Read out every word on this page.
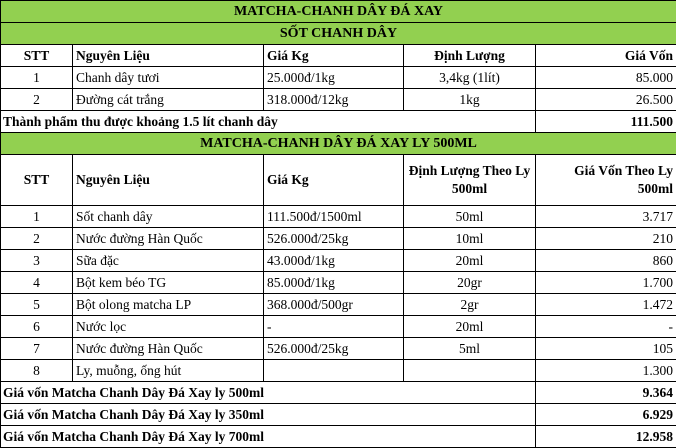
MATCHA-CHANH DÂY ĐÁ XAY				
SỐT CHANH DÂY				
STT	Nguyên Liệu	Giá Kg	Định Lượng	Giá Vốn
1	Chanh dây tươi	25.000đ/1kg	3,4kg (1lít)	85.000
2	Đường cát trắng	318.000đ/12kg	1kg	26.500
Thành phẩm thu được khoảng 1.5 lít chanh dây				111.500
MATCHA-CHANH DÂY ĐÁ XAY LY 500ML				
STT	Nguyên Liệu	Giá Kg	Định Lượng Theo Ly 500ml	Giá Vốn Theo Ly 500ml
1	Sốt chanh dây	111.500đ/1500ml	50ml	3.717
2	Nước đường Hàn Quốc	526.000đ/25kg	10ml	210
3	Sữa đặc	43.000đ/1kg	20ml	860
4	Bột kem béo TG	85.000đ/1kg	20gr	1.700
5	Bột olong matcha LP	368.000đ/500gr	2gr	1.472
6	Nước lọc	-	20ml	-
7	Nước đường Hàn Quốc	526.000đ/25kg	5ml	105
8	Ly, muỗng, ống hút			1.300
Giá vốn Matcha Chanh Dây Đá Xay ly 500ml				9.364
Giá vốn Matcha Chanh Dây Đá Xay ly 350ml				6.929
Giá vốn Matcha Chanh Dây Đá Xay ly 700ml				12.958
